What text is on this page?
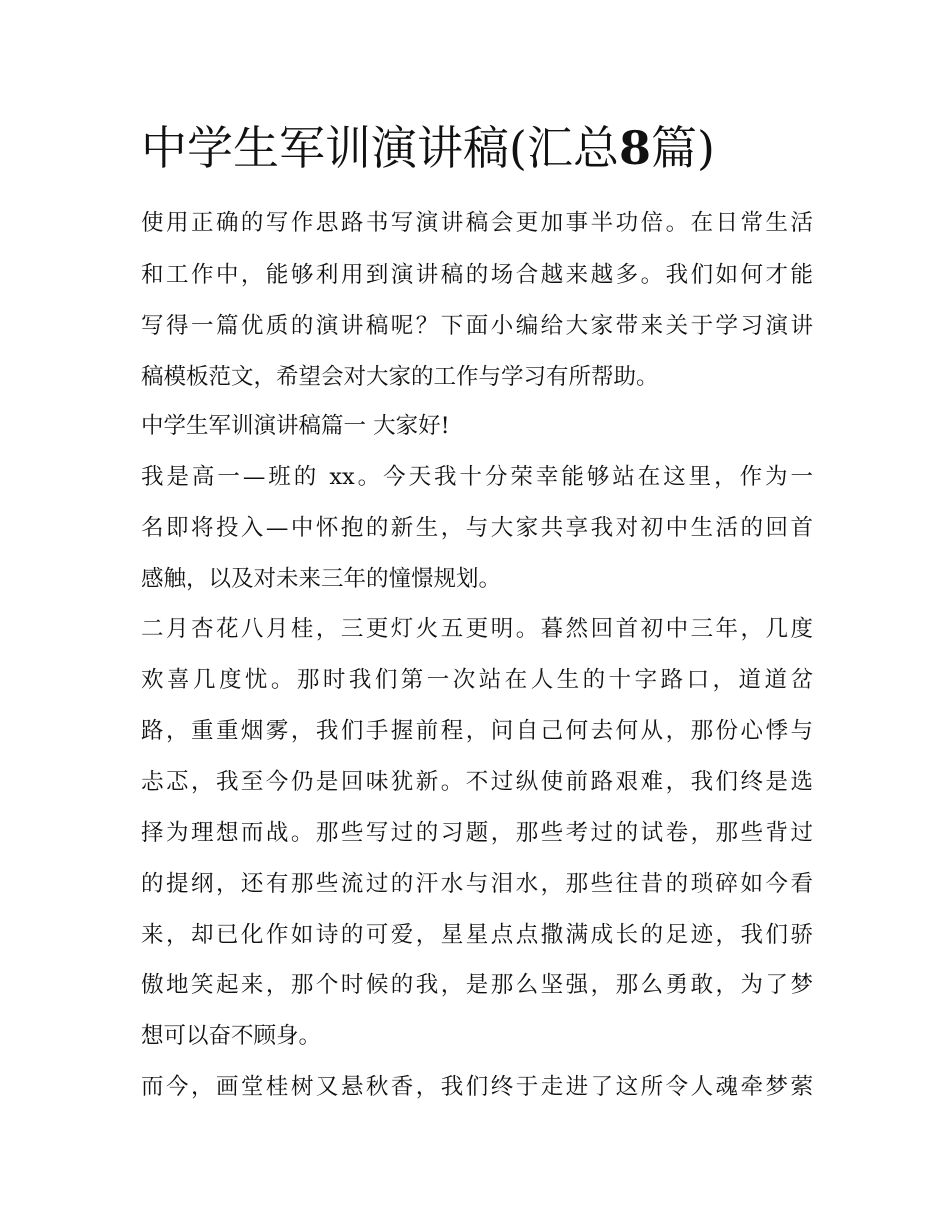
中学生军训演讲稿(汇总8篇)
使用正确的写作思路书写演讲稿会更加事半功倍。在日常生活
和工作中，能够利用到演讲稿的场合越来越多。我们如何才能
写得一篇优质的演讲稿呢？下面小编给大家带来关于学习演讲
稿模板范文，希望会对大家的工作与学习有所帮助。
中学生军训演讲稿篇一 大家好!
我是高一—班的 xx。今天我十分荣幸能够站在这里，作为一
名即将投入—中怀抱的新生，与大家共享我对初中生活的回首
感触，以及对未来三年的憧憬规划。
二月杏花八月桂，三更灯火五更明。暮然回首初中三年，几度
欢喜几度忧。那时我们第一次站在人生的十字路口，道道岔
路，重重烟雾，我们手握前程，问自己何去何从，那份心悸与
忐忑，我至今仍是回味犹新。不过纵使前路艰难，我们终是选
择为理想而战。那些写过的习题，那些考过的试卷，那些背过
的提纲，还有那些流过的汗水与泪水，那些往昔的琐碎如今看
来，却已化作如诗的可爱，星星点点撒满成长的足迹，我们骄
傲地笑起来，那个时候的我，是那么坚强，那么勇敢，为了梦
想可以奋不顾身。
而今，画堂桂树又悬秋香，我们终于走进了这所令人魂牵梦萦
